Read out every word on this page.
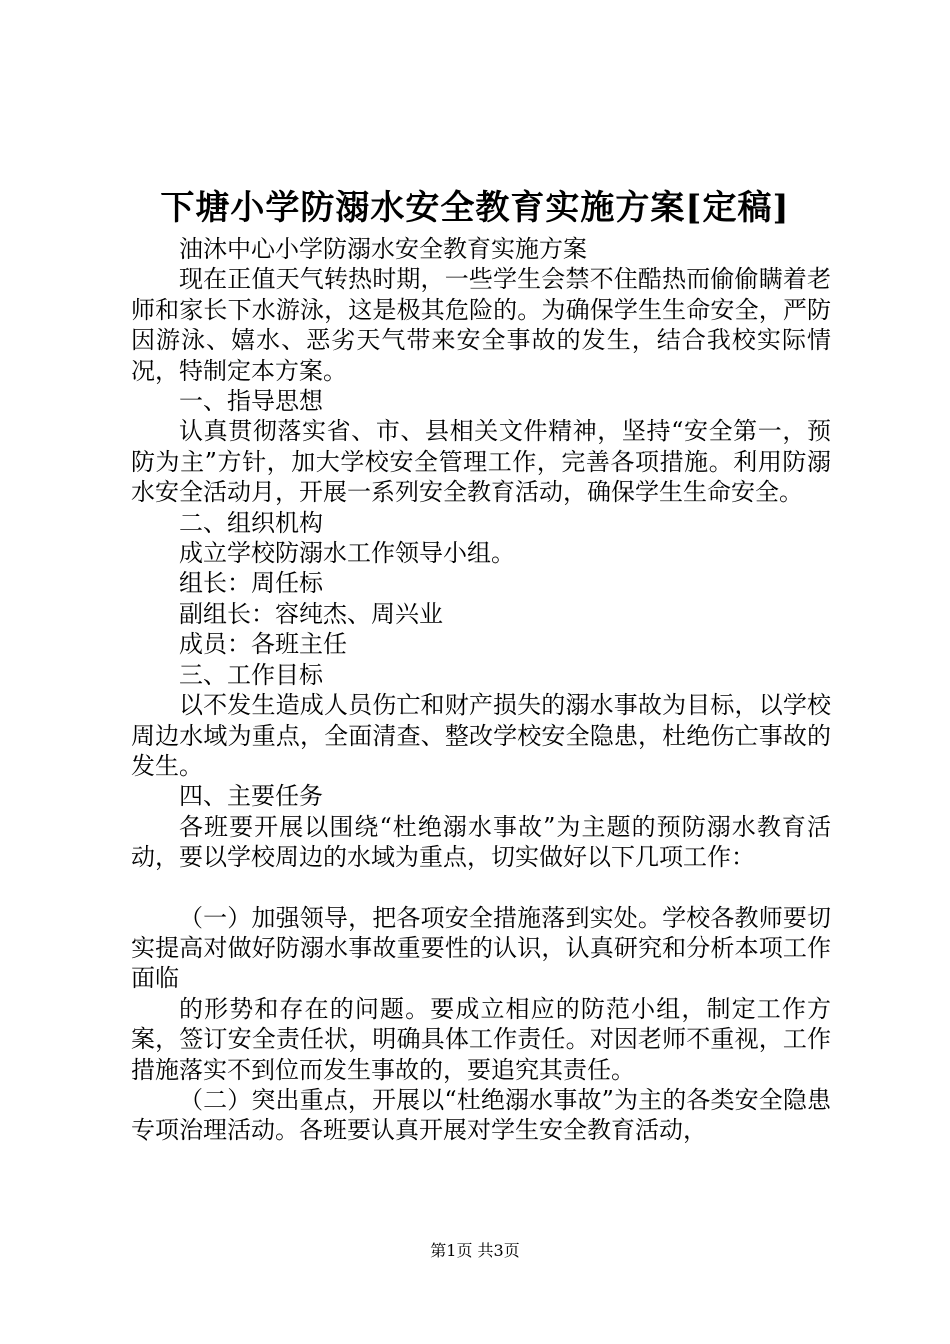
下塘小学防溺水安全教育实施方案[定稿]

油沐中心小学防溺水安全教育实施方案

现在正值天气转热时期，一些学生会禁不住酷热而偷偷瞒着老师和家长下水游泳，这是极其危险的。为确保学生生命安全，严防因游泳、嬉水、恶劣天气带来安全事故的发生，结合我校实际情况，特制定本方案。

一、指导思想

认真贯彻落实省、市、县相关文件精神，坚持“安全第一，预防为主”方针，加大学校安全管理工作，完善各项措施。利用防溺水安全活动月，开展一系列安全教育活动，确保学生生命安全。

二、组织机构

成立学校防溺水工作领导小组。

组长：周任标

副组长：容纯杰、周兴业

成员：各班主任

三、工作目标

以不发生造成人员伤亡和财产损失的溺水事故为目标，以学校周边水域为重点，全面清查、整改学校安全隐患，杜绝伤亡事故的发生。

四、主要任务

各班要开展以围绕“杜绝溺水事故”为主题的预防溺水教育活动，要以学校周边的水域为重点，切实做好以下几项工作：

（一）加强领导，把各项安全措施落到实处。学校各教师要切实提高对做好防溺水事故重要性的认识，认真研究和分析本项工作面临

的形势和存在的问题。要成立相应的防范小组，制定工作方案，签订安全责任状，明确具体工作责任。对因老师不重视，工作措施落实不到位而发生事故的，要追究其责任。

（二）突出重点，开展以“杜绝溺水事故”为主的各类安全隐患专项治理活动。各班要认真开展对学生安全教育活动，

第1页 共3页
